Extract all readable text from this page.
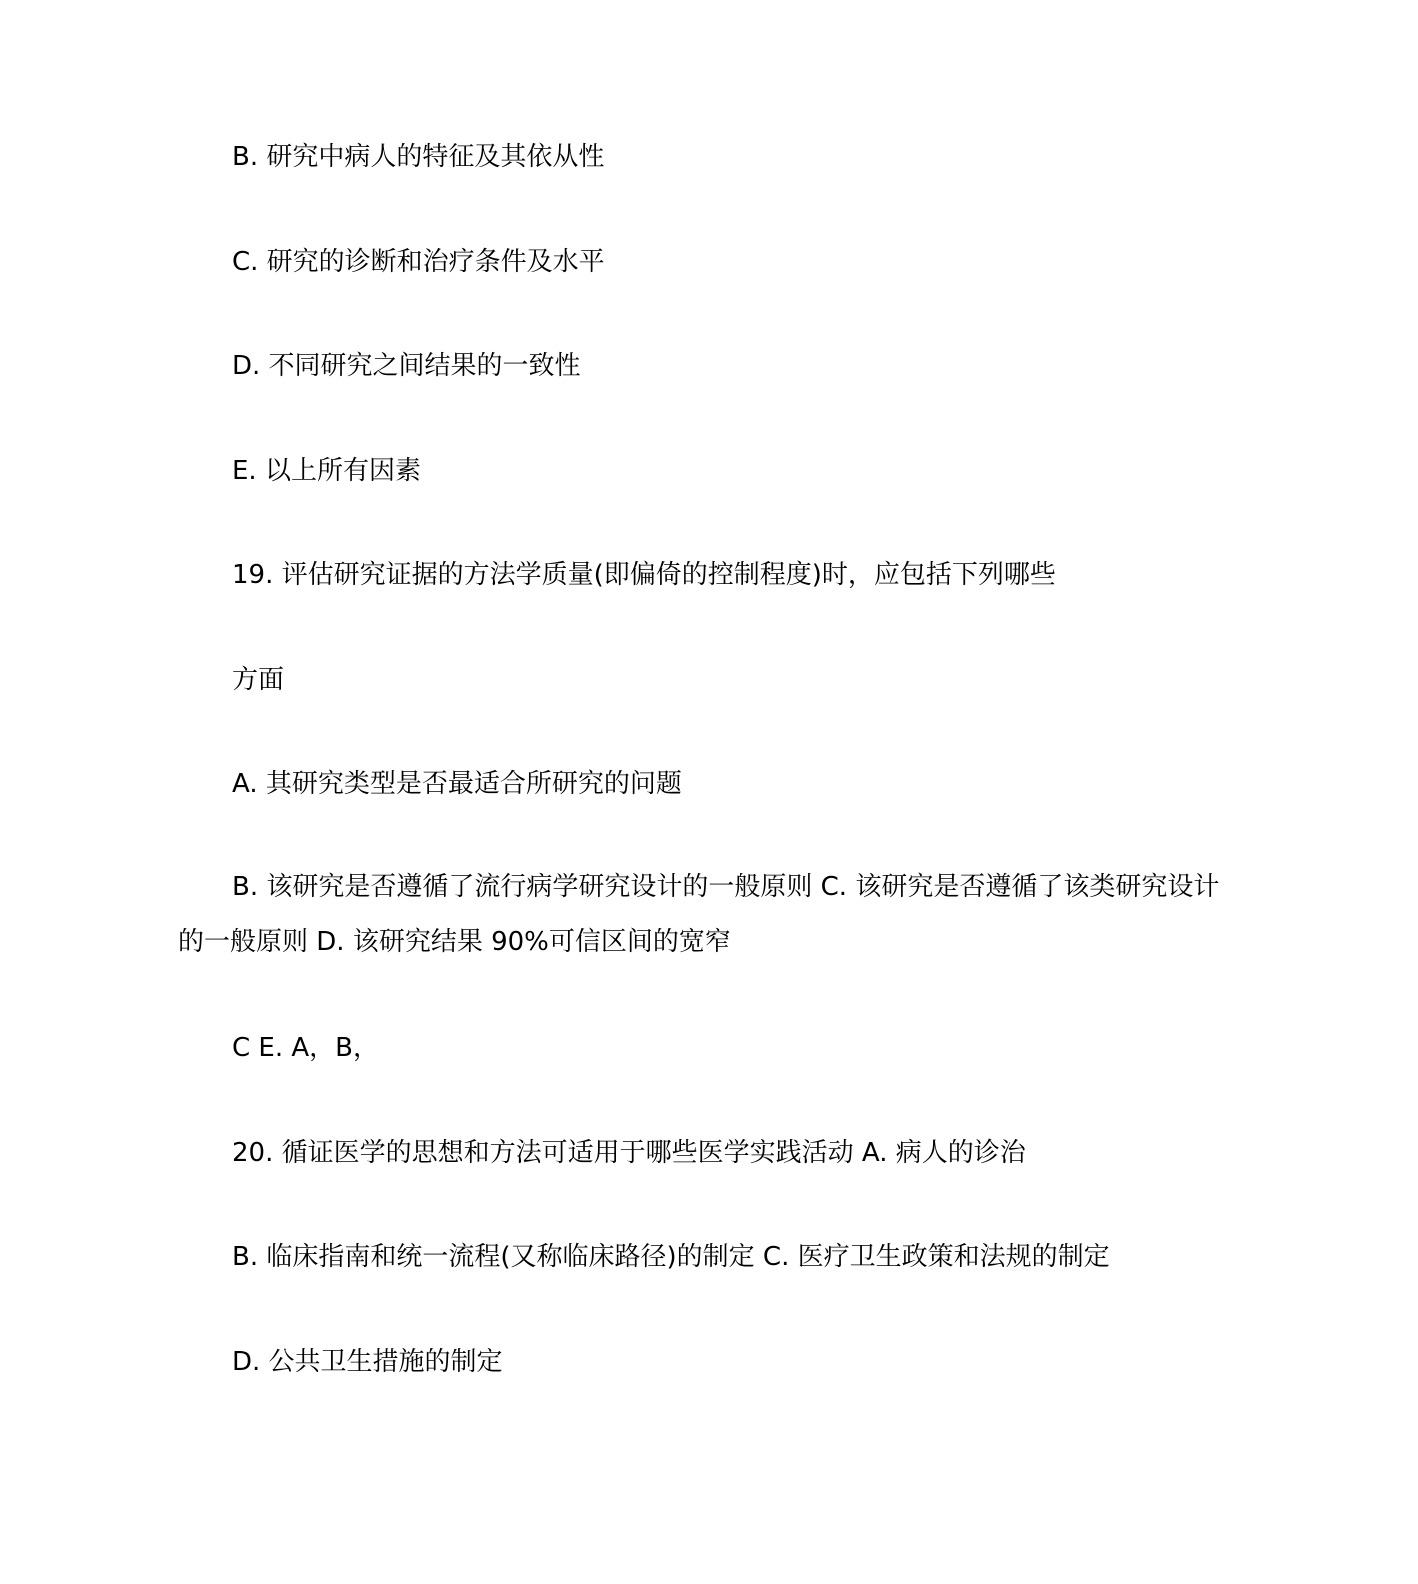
B. 研究中病人的特征及其依从性
C. 研究的诊断和治疗条件及水平
D. 不同研究之间结果的一致性
E. 以上所有因素
19. 评估研究证据的方法学质量(即偏倚的控制程度)时，应包括下列哪些
方面
A. 其研究类型是否最适合所研究的问题
B. 该研究是否遵循了流行病学研究设计的一般原则 C. 该研究是否遵循了该类研究设计的一般原则 D. 该研究结果 90%可信区间的宽窄
C E. A，B，
20. 循证医学的思想和方法可适用于哪些医学实践活动 A. 病人的诊治
B. 临床指南和统一流程(又称临床路径)的制定 C. 医疗卫生政策和法规的制定
D. 公共卫生措施的制定
